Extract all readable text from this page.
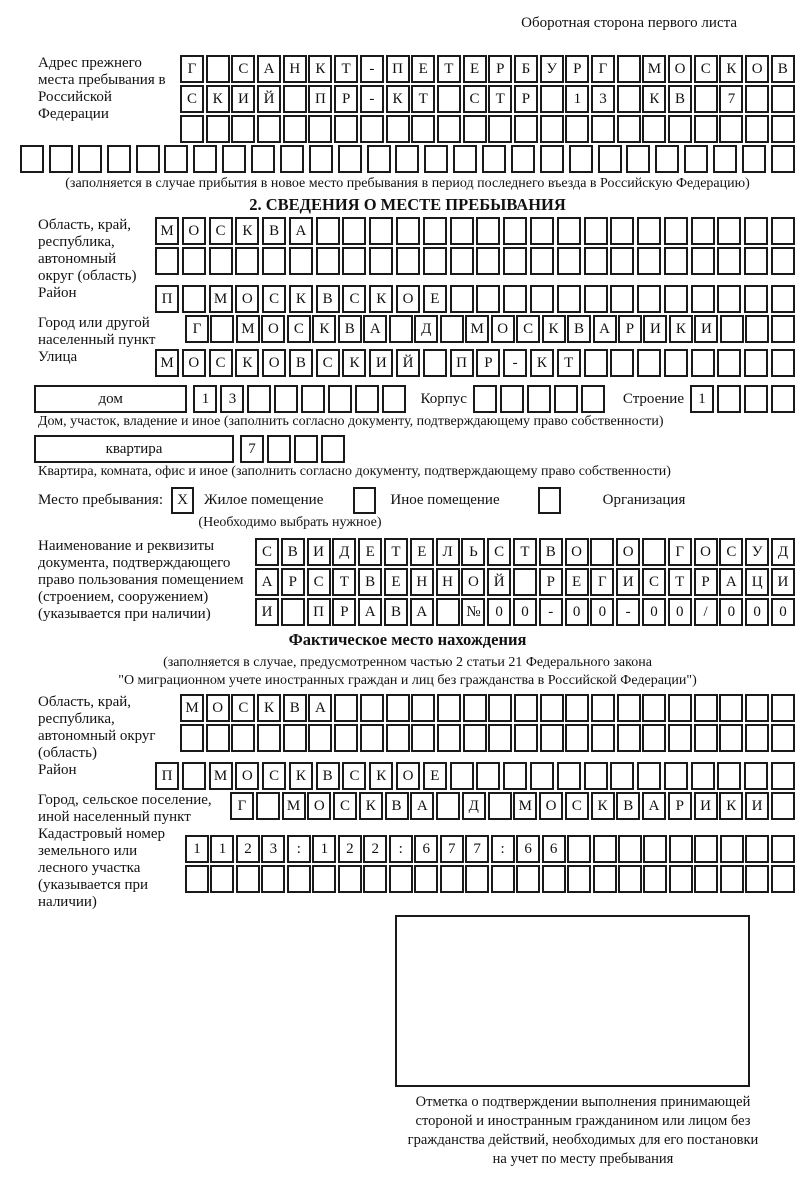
Оборотная сторона первого листа
Адрес прежнего места пребывания в Российской Федерации
Г	С	А Н	К	Т	-	П	Е	Т	Е	Р	Б	У	Р	Г	М О	С	К	О	В
С	К	И Й	П	Р	-	К	Т	С	Т	Р	1	3	К	В	7
(заполняется в случае прибытия в новое место пребывания в период последнего въезда в Российскую Федерацию)
2. СВЕДЕНИЯ О МЕСТЕ ПРЕБЫВАНИЯ
Область, край, республика, автономный округ (область)
М О	С	К	В	А
Район	П	М О	С	К	В	С	К	О	Е
Город или другой населенный пункт
Г	М О	С	К	В	А	Д	М О	С	К	В	А	Р	И	К	И
Улица	М О	С	К	О	В	С	К	И	Й	П	Р	-	К	Т
дом	1	3	Корпус	Строение 1
Дом, участок, владение и иное (заполнить согласно документу, подтверждающему право собственности)
квартира	7
Квартира, комната, офис и иное (заполнить согласно документу, подтверждающему право собственности)
Место пребывания: X	Жилое помещение	Иное помещение	Организация
(Необходимо выбрать нужное)
Наименование и реквизиты документа, подтверждающего право пользования помещением (строением, сооружением) (указывается при наличии)
С	В	И	Д	Е	Т	Е	Л	Ь	С	Т	В	О	О	Г	О	С	У	Д
А	Р	С	Т	В	Е	Н Н О Й	Р	Е	Г	И	С	Т	Р	А Ц И
И	П	Р	А	В	А	№ 0	0	-	0	0	-	0	0	/	0	0	0
Фактическое место нахождения
(заполняется в случае, предусмотренном частью 2 статьи 21 Федерального закона
"О миграционном учете иностранных граждан и лиц без гражданства в Российской Федерации")
Область, край, республика, автономный округ (область)
М О	С	К	В	А
Район	П	М О	С	К	В	С	К	О	Е
Город, сельское поселение, иной населенный пункт
Г	М О	С	К	В	А	Д	М О	С	К	В	А	Р	И	К	И
Кадастровый номер земельного или лесного участка (указывается при наличии)
1	1	2	3	:	1	2	2	:	6	7	7	:	6	6
Отметка о подтверждении выполнения принимающей
стороной и иностранным гражданином или лицом без
гражданства действий, необходимых для его постановки
на учет по месту пребывания
